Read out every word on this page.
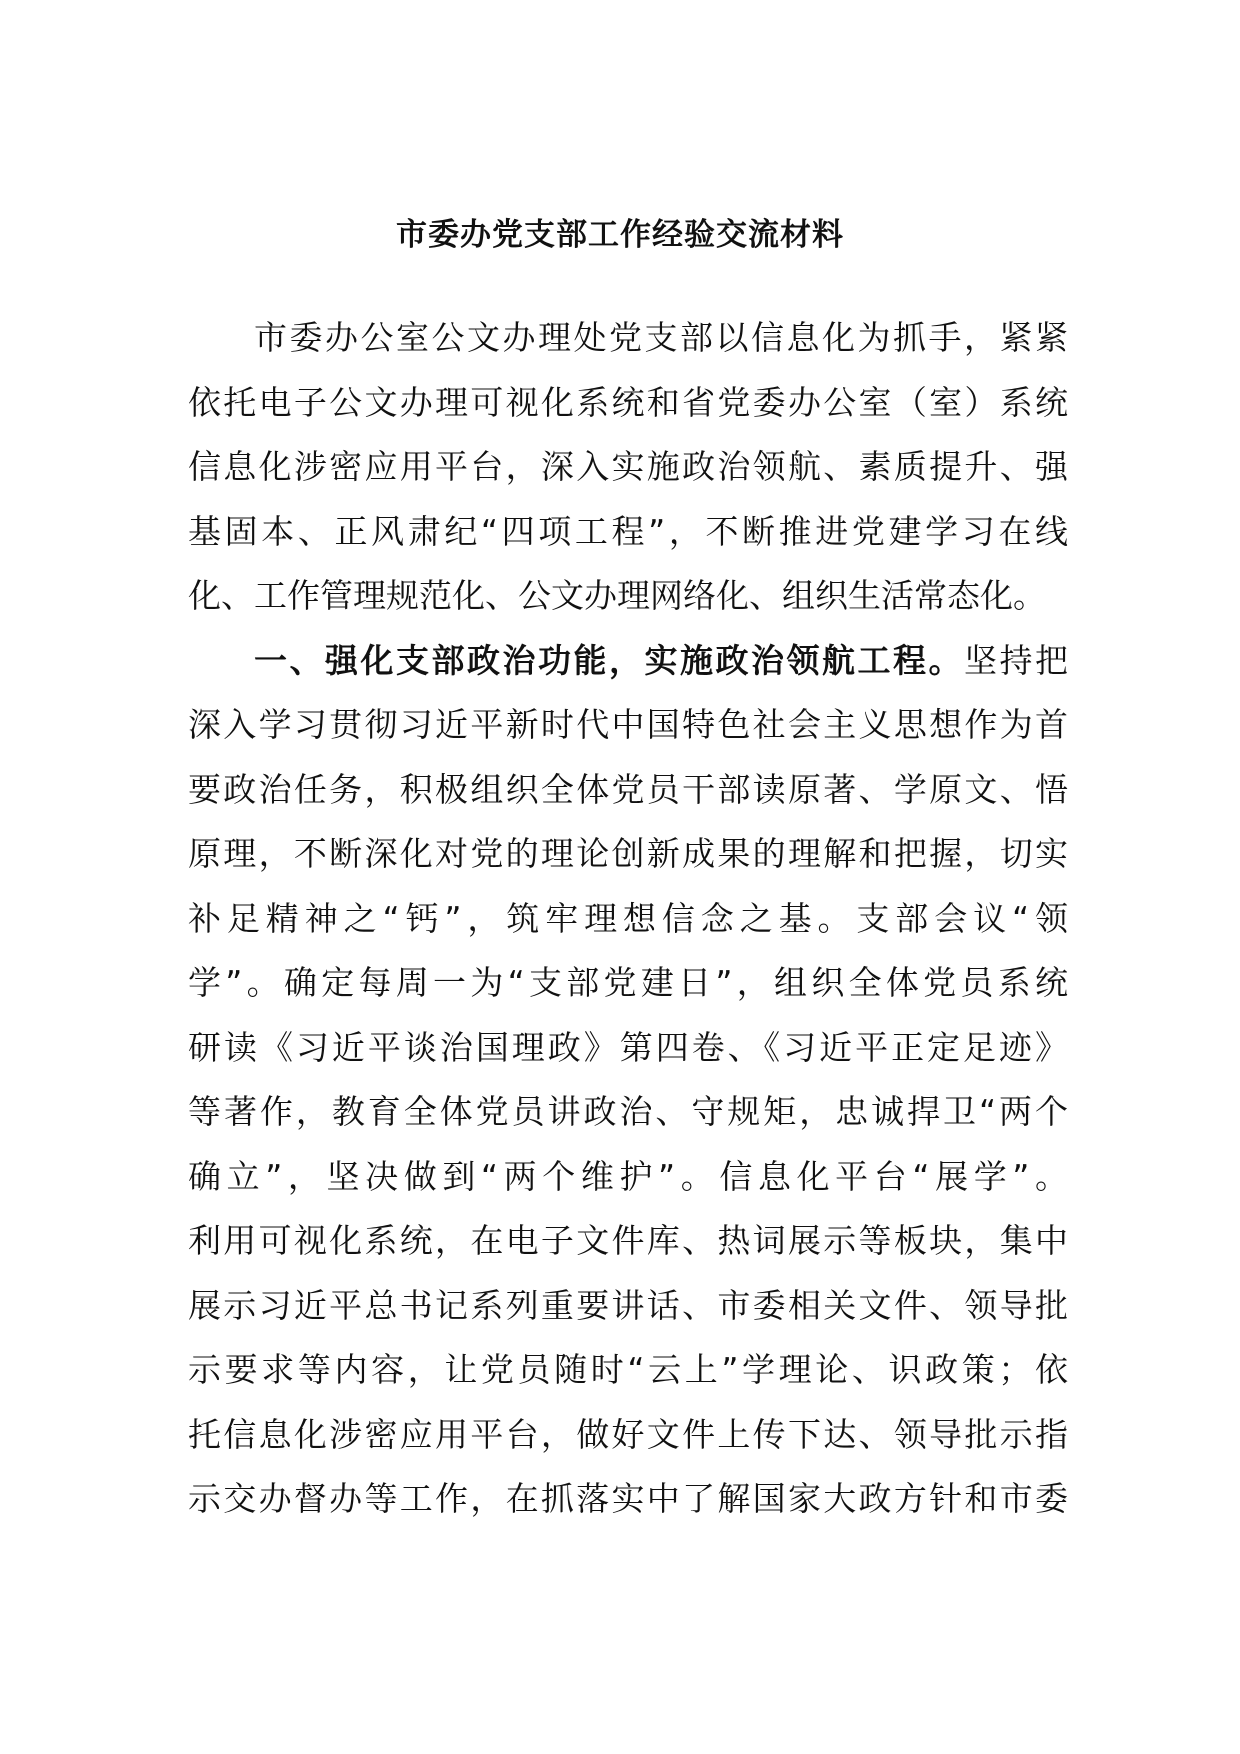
市委办党支部工作经验交流材料
市委办公室公文办理处党支部以信息化为抓手，紧紧
依托电子公文办理可视化系统和省党委办公室（室）系统
信息化涉密应用平台，深入实施政治领航、素质提升、强
基固本、正风肃纪“四项工程”，不断推进党建学习在线
化、工作管理规范化、公文办理网络化、组织生活常态化。
一、强化支部政治功能，实施政治领航工程。坚持把
深入学习贯彻习近平新时代中国特色社会主义思想作为首
要政治任务，积极组织全体党员干部读原著、学原文、悟
原理，不断深化对党的理论创新成果的理解和把握，切实
补足精神之“钙”，筑牢理想信念之基。支部会议“领
学”。确定每周一为“支部党建日”，组织全体党员系统
研读《习近平谈治国理政》第四卷、《习近平正定足迹》
等著作，教育全体党员讲政治、守规矩，忠诚捍卫“两个
确立”，坚决做到“两个维护”。信息化平台“展学”。
利用可视化系统，在电子文件库、热词展示等板块，集中
展示习近平总书记系列重要讲话、市委相关文件、领导批
示要求等内容，让党员随时“云上”学理论、识政策；依
托信息化涉密应用平台，做好文件上传下达、领导批示指
示交办督办等工作，在抓落实中了解国家大政方针和市委
